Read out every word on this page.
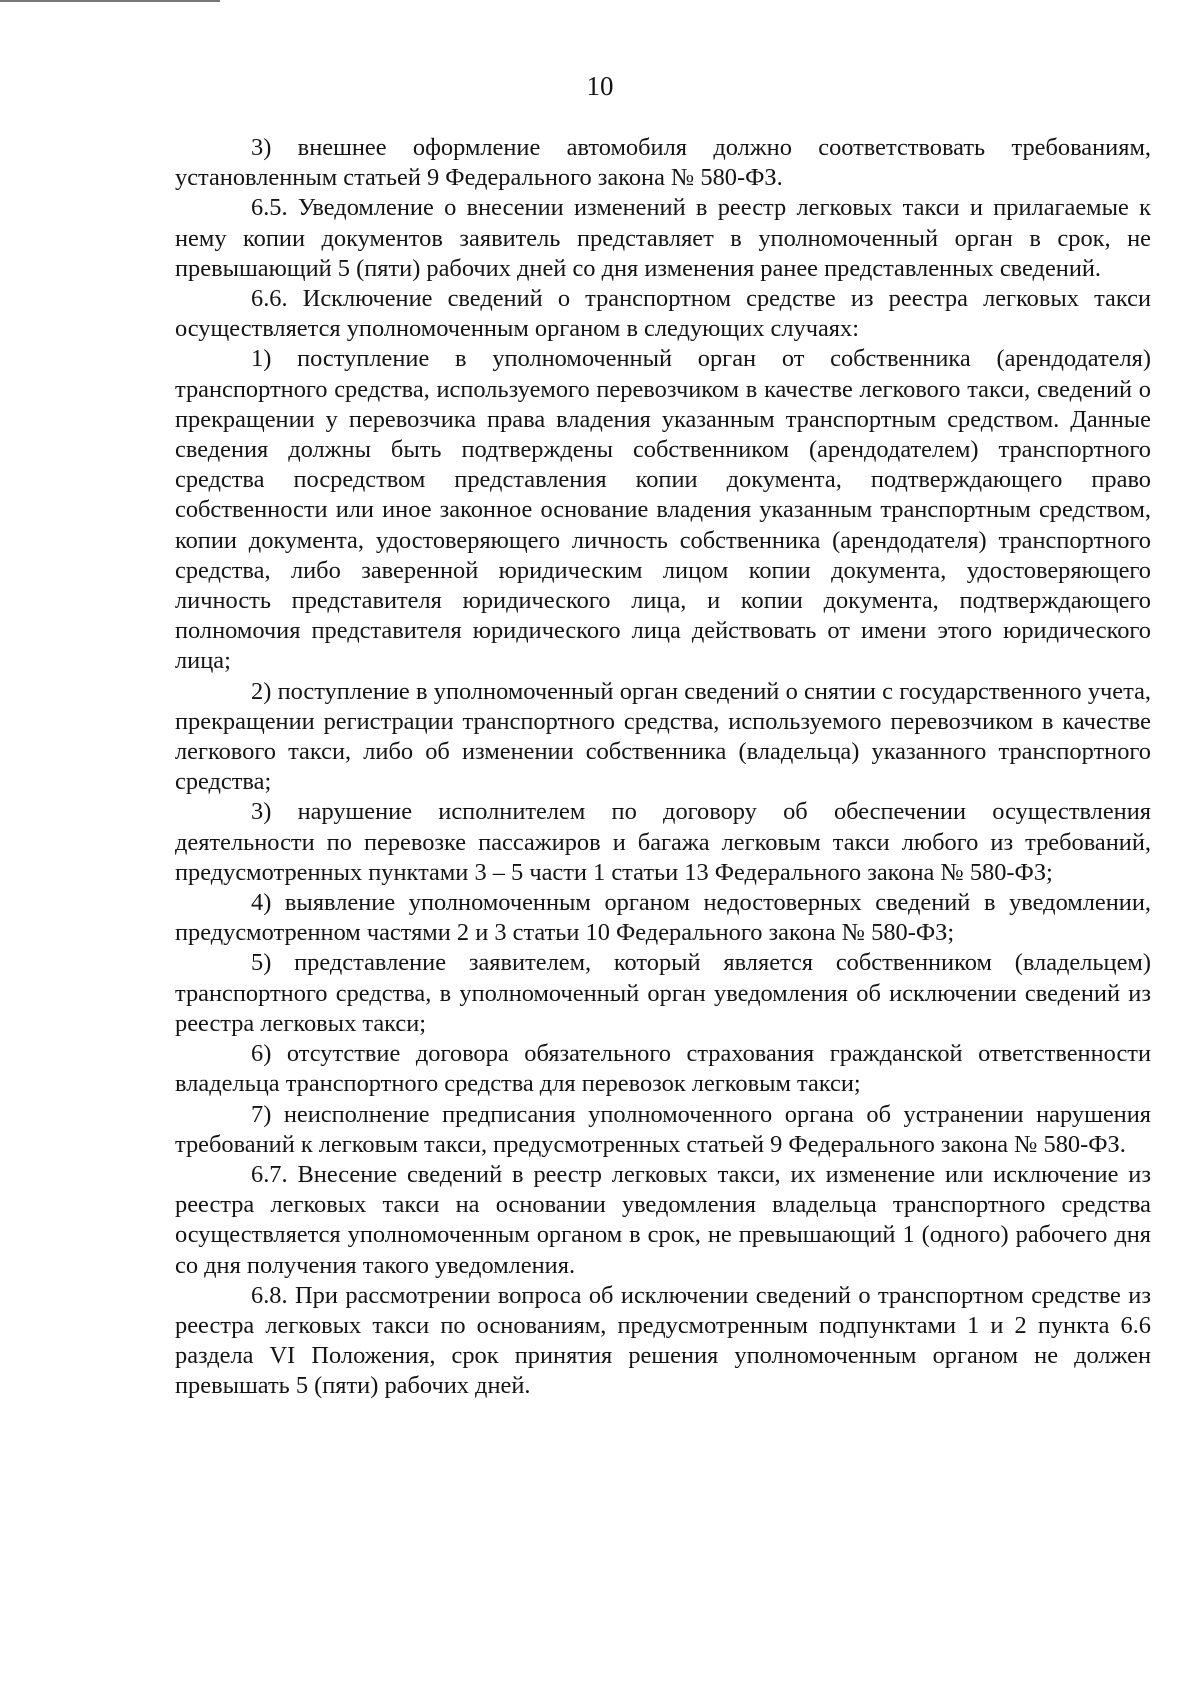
10

3) внешнее оформление автомобиля должно соответствовать требованиям, установленным статьей 9 Федерального закона № 580-ФЗ.

6.5. Уведомление о внесении изменений в реестр легковых такси и прилагаемые к нему копии документов заявитель представляет в уполномоченный орган в срок, не превышающий 5 (пяти) рабочих дней со дня изменения ранее представленных сведений.

6.6. Исключение сведений о транспортном средстве из реестра легковых такси осуществляется уполномоченным органом в следующих случаях:

1) поступление в уполномоченный орган от собственника (арендодателя) транспортного средства, используемого перевозчиком в качестве легкового такси, сведений о прекращении у перевозчика права владения указанным транспортным средством. Данные сведения должны быть подтверждены собственником (арендодателем) транспортного средства посредством представления копии документа, подтверждающего право собственности или иное законное основание владения указанным транспортным средством, копии документа, удостоверяющего личность собственника (арендодателя) транспортного средства, либо заверенной юридическим лицом копии документа, удостоверяющего личность представителя юридического лица, и копии документа, подтверждающего полномочия представителя юридического лица действовать от имени этого юридического лица;

2) поступление в уполномоченный орган сведений о снятии с государственного учета, прекращении регистрации транспортного средства, используемого перевозчиком в качестве легкового такси, либо об изменении собственника (владельца) указанного транспортного средства;

3) нарушение исполнителем по договору об обеспечении осуществления деятельности по перевозке пассажиров и багажа легковым такси любого из требований, предусмотренных пунктами 3 – 5 части 1 статьи 13 Федерального закона № 580-ФЗ;

4) выявление уполномоченным органом недостоверных сведений в уведомлении, предусмотренном частями 2 и 3 статьи 10 Федерального закона № 580-ФЗ;

5) представление заявителем, который является собственником (владельцем) транспортного средства, в уполномоченный орган уведомления об исключении сведений из реестра легковых такси;

6) отсутствие договора обязательного страхования гражданской ответственности владельца транспортного средства для перевозок легковым такси;

7) неисполнение предписания уполномоченного органа об устранении нарушения требований к легковым такси, предусмотренных статьей 9 Федерального закона № 580-ФЗ.

6.7. Внесение сведений в реестр легковых такси, их изменение или исключение из реестра легковых такси на основании уведомления владельца транспортного средства осуществляется уполномоченным органом в срок, не превышающий 1 (одного) рабочего дня со дня получения такого уведомления.

6.8. При рассмотрении вопроса об исключении сведений о транспортном средстве из реестра легковых такси по основаниям, предусмотренным подпунктами 1 и 2 пункта 6.6 раздела VI Положения, срок принятия решения уполномоченным органом не должен превышать 5 (пяти) рабочих дней.
